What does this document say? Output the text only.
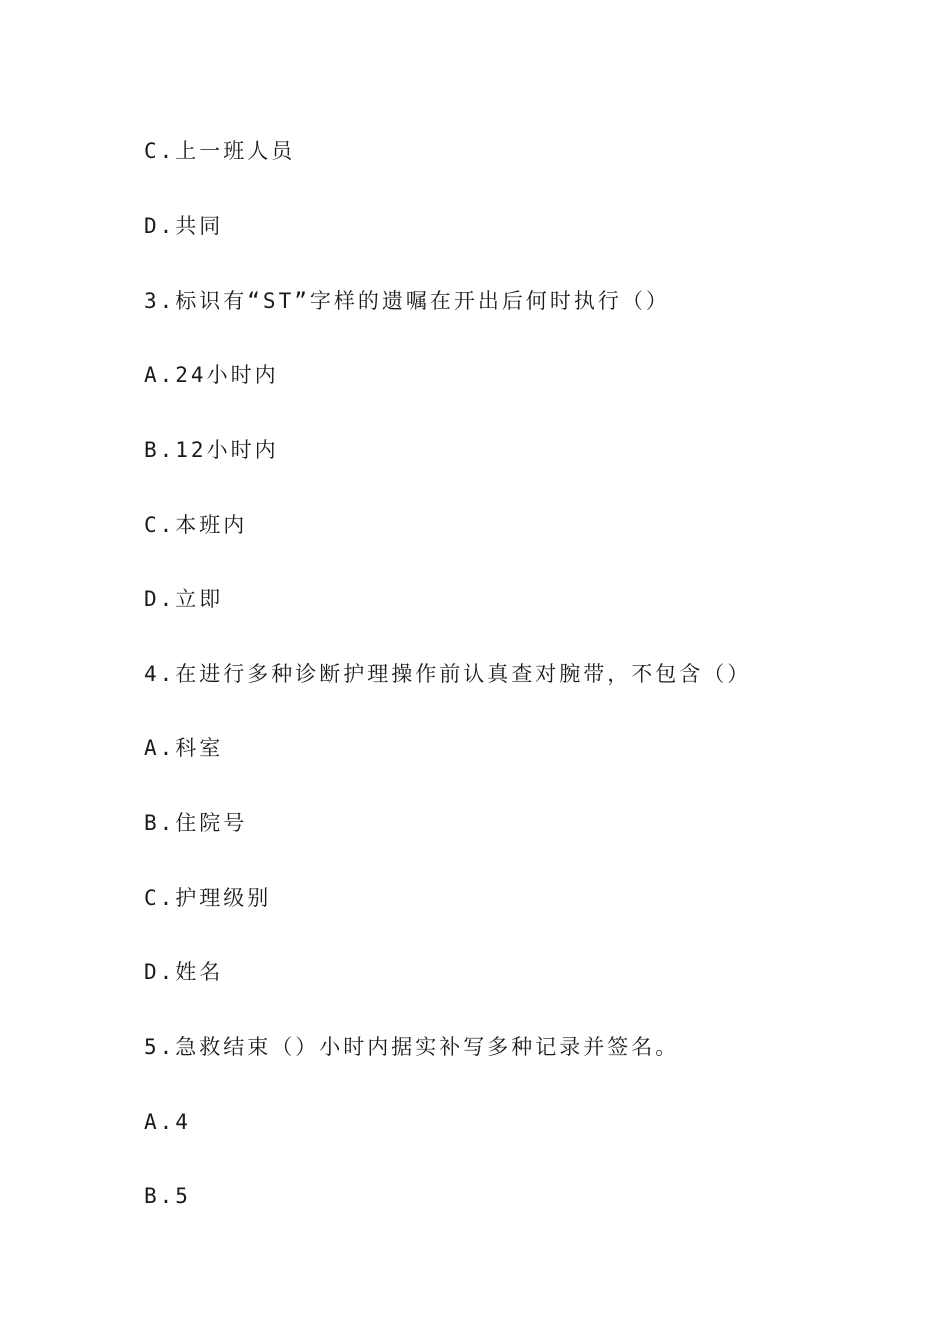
C.上一班人员
D.共同
3.标识有“ST”字样的遗嘱在开出后何时执行（）
A.24小时内
B.12小时内
C.本班内
D.立即
4.在进行多种诊断护理操作前认真查对腕带，不包含（）
A.科室
B.住院号
C.护理级别
D.姓名
5.急救结束（）小时内据实补写多种记录并签名。
A.4
B.5
